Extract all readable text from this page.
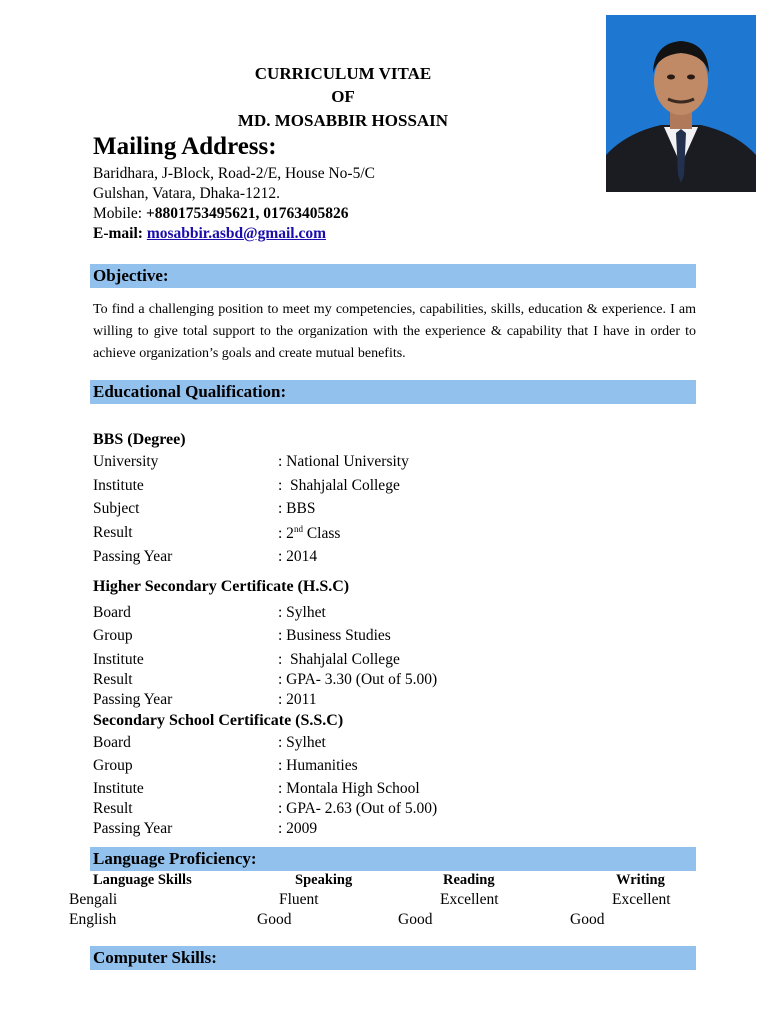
CURRICULUM VITAE
OF
MD. MOSABBIR HOSSAIN
Mailing Address:
Baridhara, J-Block, Road-2/E, House No-5/C
Gulshan, Vatara, Dhaka-1212.
Mobile: +8801753495621, 01763405826
E-mail: mosabbir.asbd@gmail.com
Objective:
To find a challenging position to meet my competencies, capabilities, skills, education & experience. I am willing to give total support to the organization with the experience & capability that I have in order to achieve organization’s goals and create mutual benefits.
Educational Qualification:
BBS (Degree)
University	: National University
Institute	:  Shahjalal College
Subject	: BBS
Result	: 2nd Class
Passing Year	: 2014
Higher Secondary Certificate (H.S.C)
Board	: Sylhet
Group	: Business Studies
Institute	:  Shahjalal College
Result	: GPA- 3.30 (Out of 5.00)
Passing Year	: 2011
Secondary School Certificate (S.S.C)
Board	: Sylhet
Group	: Humanities
Institute	: Montala High School
Result	: GPA- 2.63 (Out of 5.00)
Passing Year	: 2009
Language Proficiency:
Language Skills	Speaking	Reading	Writing
Bengali	Fluent	Excellent	Excellent
English	Good	Good	Good
Computer Skills:
